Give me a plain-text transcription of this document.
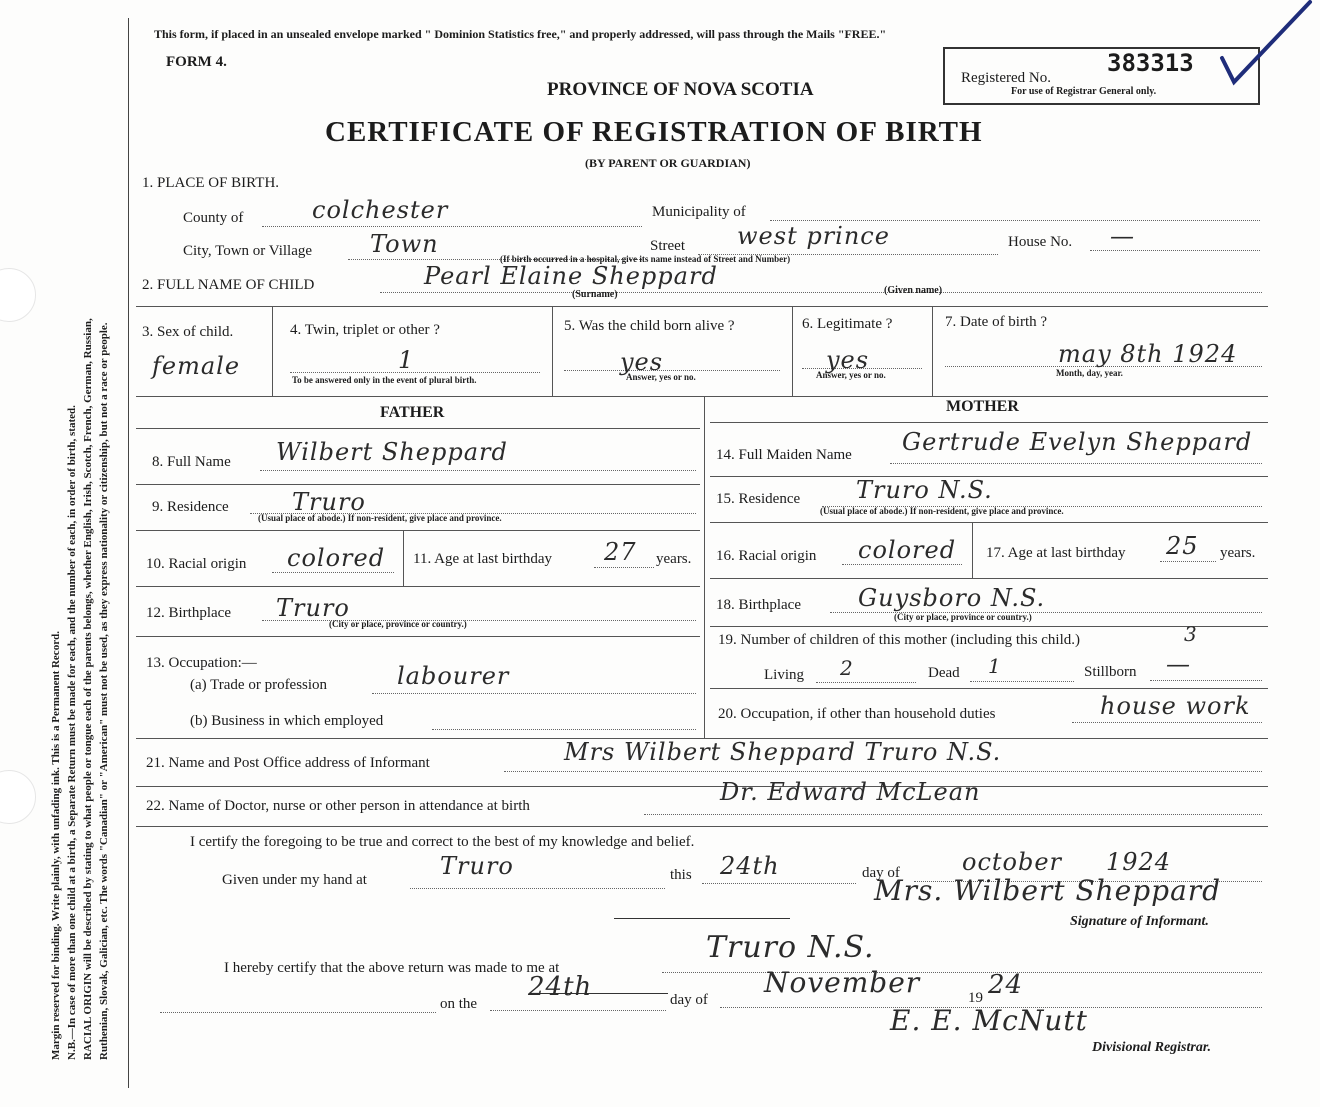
Margin reserved for binding. Write plainly, with unfading ink. This is a Permanent Record. N.B.—In case of more than one child at a birth, a Separate Return must be made for each, and the number of each, in order of birth, stated. RACIAL ORIGIN will be described by stating to what people or tongue each of the parents belongs, whether English, Irish, Scotch, French, German, Russian, Ruthenian, Slovak, Galician, etc. The words "Canadian" or "American" must not be used, as they express nationality or citizenship, but not a race or people.
This form, if placed in an unsealed envelope marked " Dominion Statistics free," and properly addressed, will pass through the Mails "FREE."
FORM 4.
PROVINCE OF NOVA SCOTIA
CERTIFICATE OF REGISTRATION OF BIRTH
(BY PARENT OR GUARDIAN)
Registered No.
383313
For use of Registrar General only.
1. PLACE OF BIRTH.
County of	colchester	Municipality of
City, Town or Village Town
(If birth occurred in a hospital, give its name instead of Street and Number)
Street west prince	House No. —
2. FULL NAME OF CHILD	Pearl Elaine Sheppard
(Surname)	(Given name)
3. Sex of child.
female
4. Twin, triplet or other ?
1
To be answered only in the event of plural birth.
5. Was the child born alive ?
yes
Answer, yes or no.
6. Legitimate ?
yes
Answer, yes or no.
7. Date of birth ?
may 8th 1924
Month, day, year.
FATHER	MOTHER
8. Full Name Wilbert Sheppard
9. Residence	Truro
(Usual place of abode.) If non-resident, give place and province.
10. Racial origin colored 11. Age at last birthday 27 years.
12. Birthplace Truro
(City or place, province or country.)
13. Occupation:—
(a) Trade or profession	labourer
(b) Business in which employed
14. Full Maiden Name Gertrude Evelyn Sheppard
15. Residence Truro N.S.
(Usual place of abode.) If non-resident, give place and province.
16. Racial origin colored 17. Age at last birthday 25 years.
18. Birthplace Guysboro N.S.
(City or place, province or country.)
19. Number of children of this mother (including this child.)	3
Living 2	Dead 1	Stillborn —
20. Occupation, if other than household duties	house work
21. Name and Post Office address of Informant	Mrs Wilbert Sheppard Truro N.S.
22. Name of Doctor, nurse or other person in attendance at birth	Dr. Edward McLean
I certify the foregoing to be true and correct to the best of my knowledge and belief.
Given under my hand at	Truro	this 24th	day of	october 1924
Mrs. Wilbert Sheppard
Signature of Informant.
I hereby certify that the above return was made to me at
Truro N.S.
on the
24th	day of
November	19 24
E. E. McNutt
Divisional Registrar.
